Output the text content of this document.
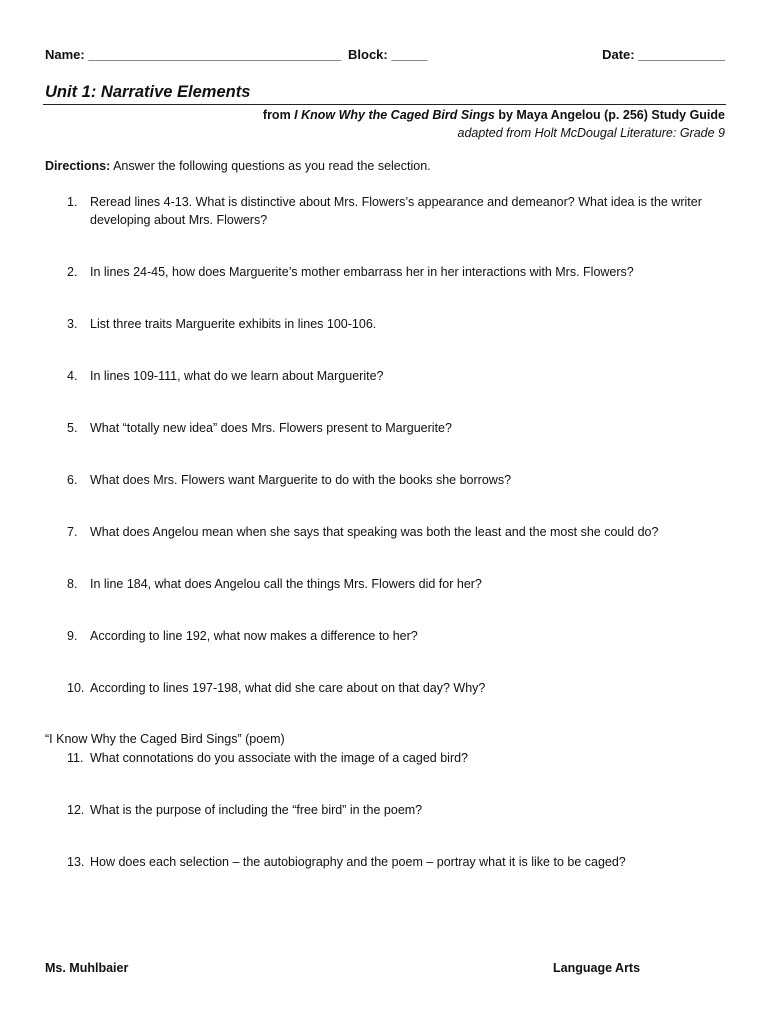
Name: ___________________________________ Block: _____	Date: ____________
Unit 1: Narrative Elements
from I Know Why the Caged Bird Sings by Maya Angelou (p. 256) Study Guide
adapted from Holt McDougal Literature: Grade 9
Directions: Answer the following questions as you read the selection.
1. Reread lines 4-13. What is distinctive about Mrs. Flowers’s appearance and demeanor? What idea is the writer developing about Mrs. Flowers?
2. In lines 24-45, how does Marguerite’s mother embarrass her in her interactions with Mrs. Flowers?
3. List three traits Marguerite exhibits in lines 100-106.
4. In lines 109-111, what do we learn about Marguerite?
5. What “totally new idea” does Mrs. Flowers present to Marguerite?
6. What does Mrs. Flowers want Marguerite to do with the books she borrows?
7. What does Angelou mean when she says that speaking was both the least and the most she could do?
8. In line 184, what does Angelou call the things Mrs. Flowers did for her?
9. According to line 192, what now makes a difference to her?
10. According to lines 197-198, what did she care about on that day? Why?
“I Know Why the Caged Bird Sings” (poem)
11. What connotations do you associate with the image of a caged bird?
12. What is the purpose of including the “free bird” in the poem?
13. How does each selection – the autobiography and the poem – portray what it is like to be caged?
Ms. Muhlbaier	Language Arts
